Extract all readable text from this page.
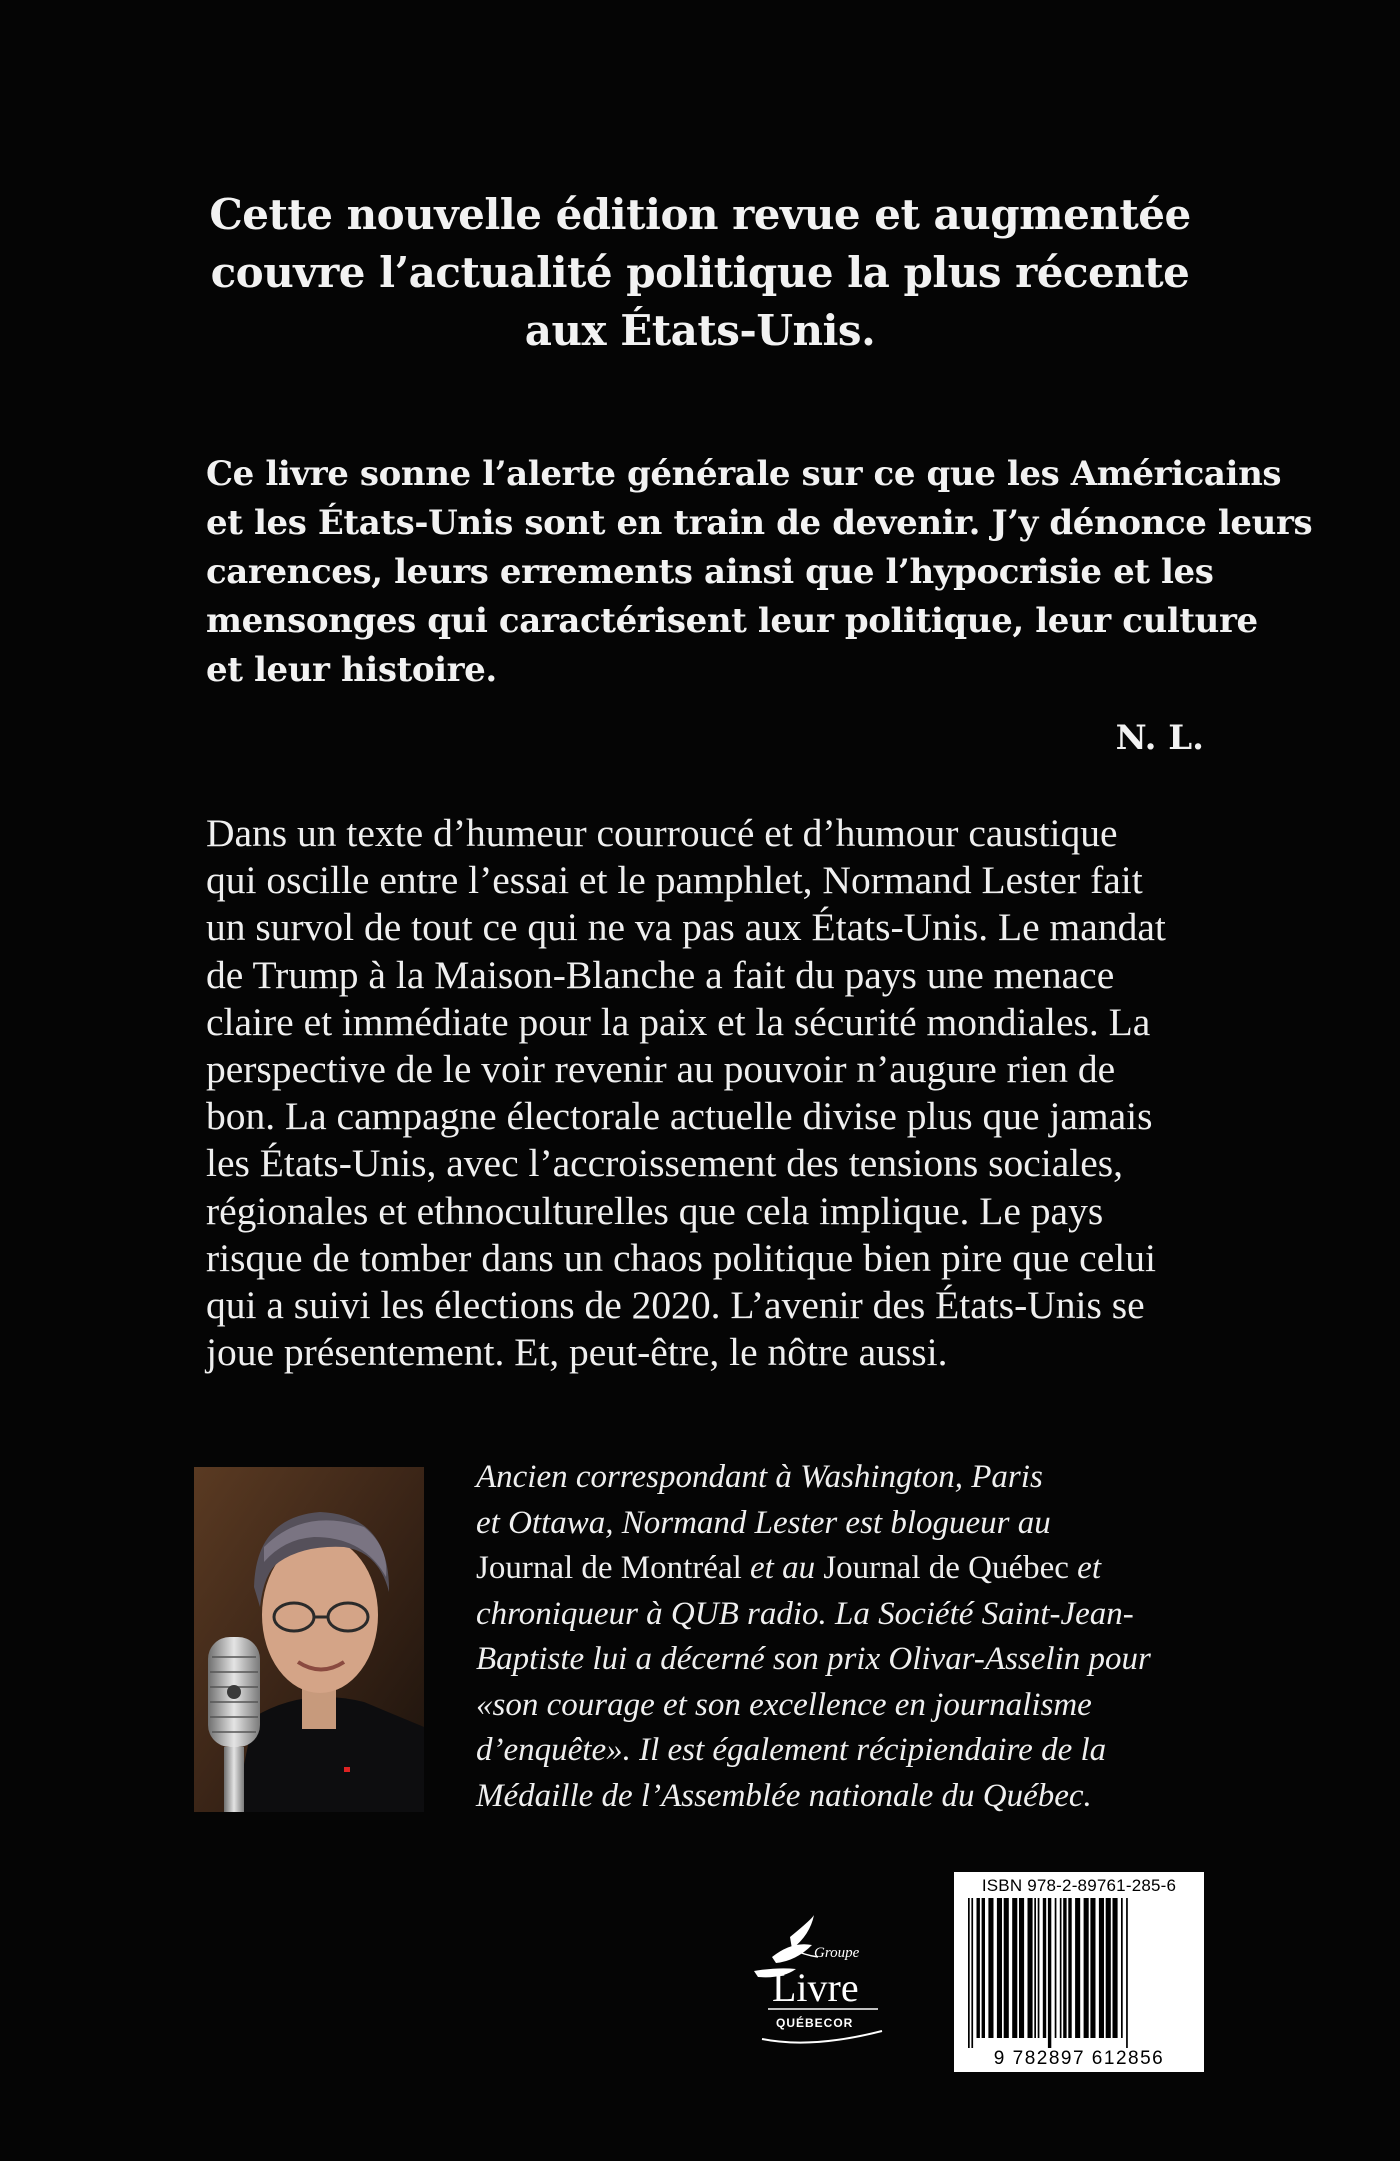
Cette nouvelle édition revue et augmentée
couvre l’actualité politique la plus récente
aux États-Unis.
Ce livre sonne l’alerte générale sur ce que les Américains
et les États-Unis sont en train de devenir. J’y dénonce leurs
carences, leurs errements ainsi que l’hypocrisie et les
mensonges qui caractérisent leur politique, leur culture
et leur histoire.
N. L.
Dans un texte d’humeur courroucé et d’humour caustique
qui oscille entre l’essai et le pamphlet, Normand Lester fait
un survol de tout ce qui ne va pas aux États-Unis. Le mandat
de Trump à la Maison-Blanche a fait du pays une menace
claire et immédiate pour la paix et la sécurité mondiales. La
perspective de le voir revenir au pouvoir n’augure rien de
bon. La campagne électorale actuelle divise plus que jamais
les États-Unis, avec l’accroissement des tensions sociales,
régionales et ethnoculturelles que cela implique. Le pays
risque de tomber dans un chaos politique bien pire que celui
qui a suivi les élections de 2020. L’avenir des États-Unis se
joue présentement. Et, peut-être, le nôtre aussi.
Ancien correspondant à Washington, Paris
et Ottawa, Normand Lester est blogueur au
Journal de Montréal et au Journal de Québec et
chroniqueur à QUB radio. La Société Saint-Jean-
Baptiste lui a décerné son prix Olivar-Asselin pour
«son courage et son excellence en journalisme
d’enquête». Il est également récipiendaire de la
Médaille de l’Assemblée nationale du Québec.
Groupe
Livre
QUÉBECOR
ISBN 978-2-89761-285-6
9 782897 612856
